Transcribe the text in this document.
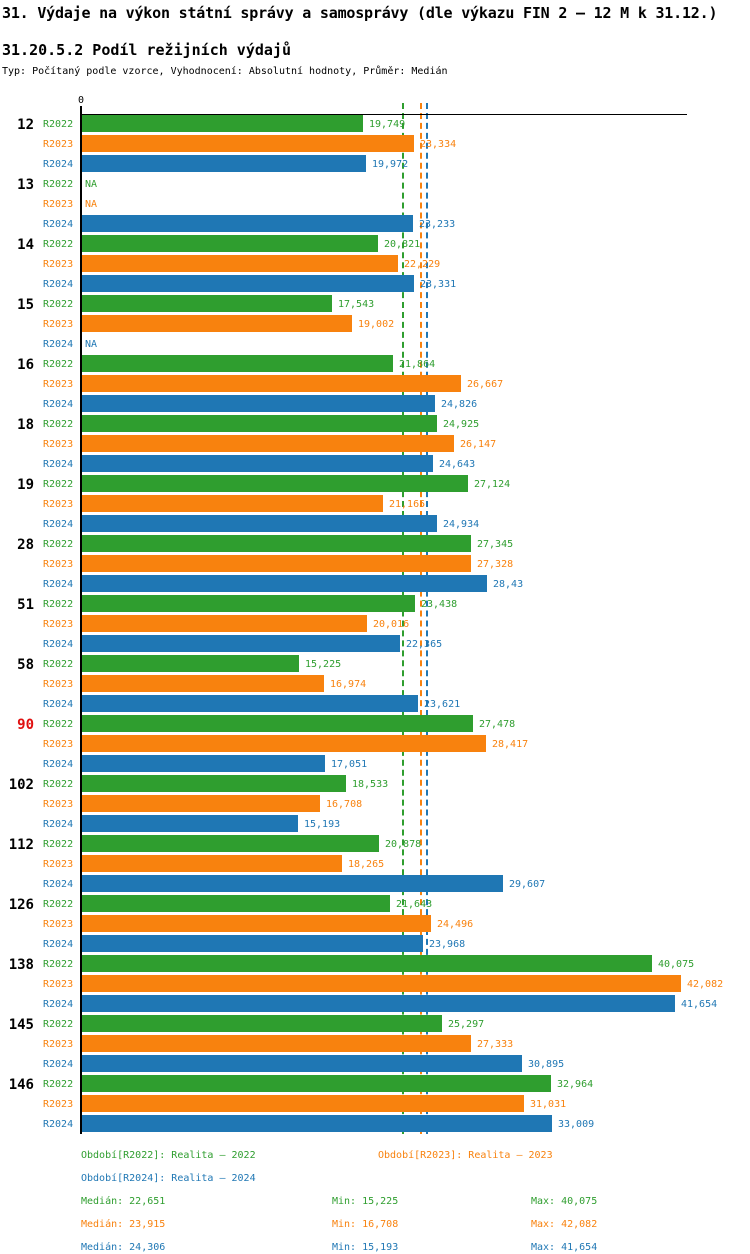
31. Výdaje na výkon státní správy a samosprávy (dle výkazu FIN 2 – 12 M k 31.12.)
31.20.5.2 Podíl režijních výdajů
Typ: Počítaný podle vzorce, Vyhodnocení: Absolutní hodnoty, Průměr: Medián
0
12 R2022	19,749
R2023	23,334
R2024	19,972
13 R2022 NA
R2023 NA
R2024	23,233
14 R2022	20,821
R2023	22,229
R2024	23,331
15 R2022	17,543
R2023	19,002
R2024 NA
16 R2022	21,864
R2023	26,667
R2024	24,826
18 R2022	24,925
R2023	26,147
R2024	24,643
19 R2022	27,124
R2023	21,165
R2024	24,934
28 R2022	27,345
R2023	27,328
R2024	28,43
51 R2022	23,438
R2023	20,016
R2024	22,365
58 R2022	15,225
R2023	16,974
R2024	23,621
90 R2022	27,478
R2023	28,417
R2024	17,051
102 R2022	18,533
R2023	16,708
R2024	15,193
112 R2022	20,878
R2023	18,265
R2024	29,607
126 R2022	21,643
R2023	24,496
R2024	23,968
138 R2022	40,075
R2023	42,082
R2024	41,654
145 R2022	25,297
R2023	27,333
R2024	30,895
146 R2022	32,964
R2023	31,031
R2024	33,009
Období[R2022]: Realita – 2022	Období[R2023]: Realita – 2023
Období[R2024]: Realita – 2024
Medián: 22,651	Min: 15,225	Max: 40,075
Medián: 23,915	Min: 16,708	Max: 42,082
Medián: 24,306	Min: 15,193	Max: 41,654
